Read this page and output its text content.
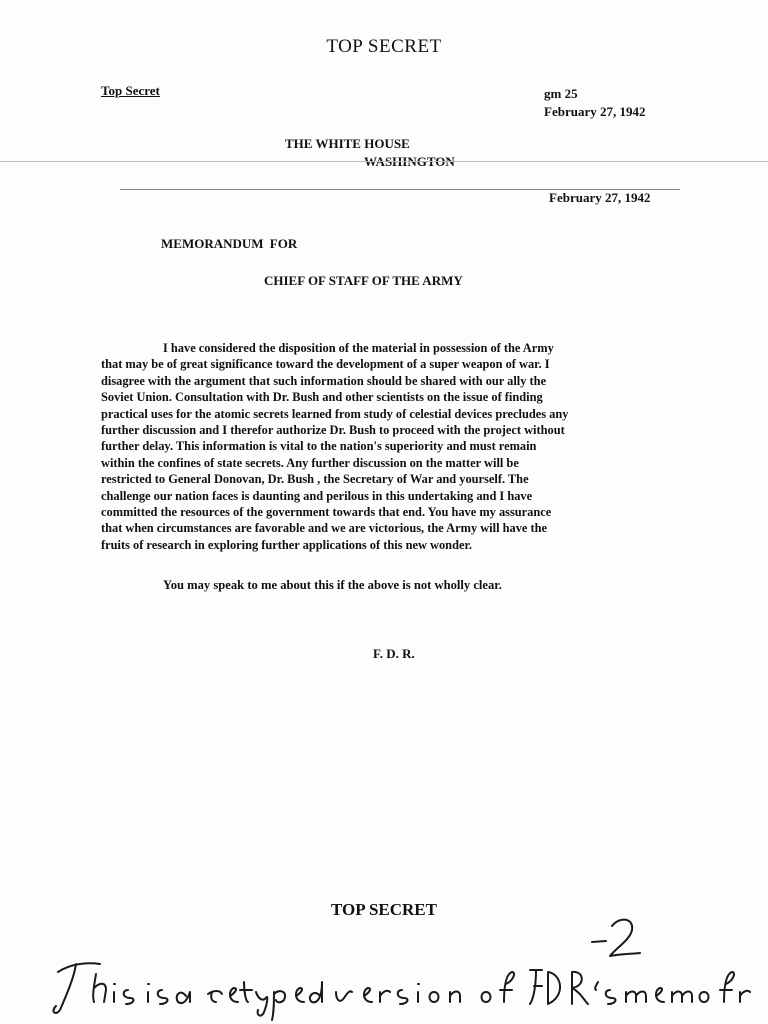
TOP SECRET
Top Secret	gm 25
February 27, 1942
THE WHITE HOUSE
WASHINGTON
February 27, 1942
MEMORANDUM FOR
CHIEF OF STAFF OF THE ARMY
I have considered the disposition of the material in possession of the Army
that may be of great significance toward the development of a super weapon of war. I
disagree with the argument that such information should be shared with our ally the
Soviet Union. Consultation with Dr. Bush and other scientists on the issue of finding
practical uses for the atomic secrets learned from study of celestial devices precludes any
further discussion and I therefor authorize Dr. Bush to proceed with the project without
further delay. This information is vital to the nation's superiority and must remain
within the confines of state secrets. Any further discussion on the matter will be
restricted to General Donovan, Dr. Bush , the Secretary of War and yourself. The
challenge our nation faces is daunting and perilous in this undertaking and I have
committed the resources of the government towards that end. You have my assurance
that when circumstances are favorable and we are victorious, the Army will have the
fruits of research in exploring further applications of this new wonder.
You may speak to me about this if the above is not wholly clear.
F. D. R.
TOP SECRET
